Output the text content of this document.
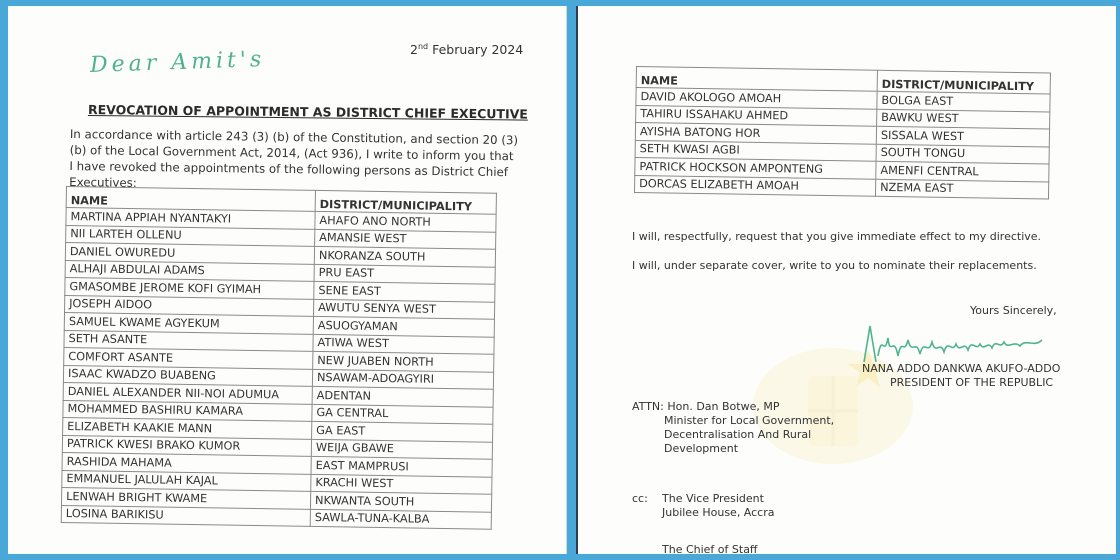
2nd February 2024
Dear Amit's
REVOCATION OF APPOINTMENT AS DISTRICT CHIEF EXECUTIVE
In accordance with article 243 (3) (b) of the Constitution, and section 20 (3) (b) of the Local Government Act, 2014, (Act 936), I write to inform you that I have revoked the appointments of the following persons as District Chief Executives:
NAME	DISTRICT/MUNICIPALITY
MARTINA APPIAH NYANTAKYI	AHAFO ANO NORTH
NII LARTEH OLLENU	AMANSIE WEST
DANIEL OWUREDU	NKORANZA SOUTH
ALHAJI ABDULAI ADAMS	PRU EAST
GMASOMBE JEROME KOFI GYIMAH	SENE EAST
JOSEPH AIDOO	AWUTU SENYA WEST
SAMUEL KWAME AGYEKUM	ASUOGYAMAN
SETH ASANTE	ATIWA WEST
COMFORT ASANTE	NEW JUABEN NORTH
ISAAC KWADZO BUABENG	NSAWAM-ADOAGYIRI
DANIEL ALEXANDER NII-NOI ADUMUA	ADENTAN
MOHAMMED BASHIRU KAMARA	GA CENTRAL
ELIZABETH KAAKIE MANN	GA EAST
PATRICK KWESI BRAKO KUMOR	WEIJA GBAWE
RASHIDA MAHAMA	EAST MAMPRUSI
EMMANUEL JALULAH KAJAL	KRACHI WEST
LENWAH BRIGHT KWAME	NKWANTA SOUTH
LOSINA BARIKISU	SAWLA-TUNA-KALBA
NAME	DISTRICT/MUNICIPALITY
DAVID AKOLOGO AMOAH	BOLGA EAST
TAHIRU ISSAHAKU AHMED	BAWKU WEST
AYISHA BATONG HOR	SISSALA WEST
SETH KWASI AGBI	SOUTH TONGU
PATRICK HOCKSON AMPONTENG	AMENFI CENTRAL
DORCAS ELIZABETH AMOAH	NZEMA EAST
I will, respectfully, request that you give immediate effect to my directive.
I will, under separate cover, write to you to nominate their replacements.
Yours Sincerely,
NANA ADDO DANKWA AKUFO-ADDO
PRESIDENT OF THE REPUBLIC
ATTN: Hon. Dan Botwe, MP
Minister for Local Government,
Decentralisation And Rural
Development
cc: The Vice President
Jubilee House, Accra
The Chief of Staff
